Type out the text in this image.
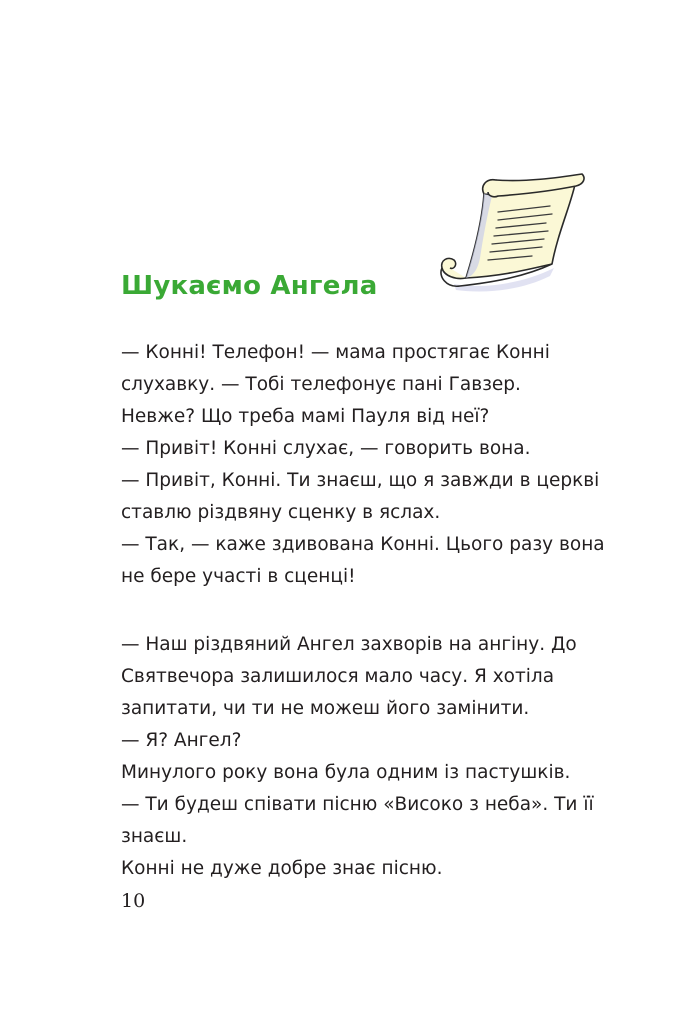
Шукаємо Ангела
— Конні! Телефон! — мама простягає Конні
слухавку. — Тобі телефонує пані Гавзер.
Невже? Що треба мамі Пауля від неї?
— Привіт! Конні слухає, — говорить вона.
— Привіт, Конні. Ти знаєш, що я завжди в церкві
ставлю різдвяну сценку в яслах.
— Так, — каже здивована Конні. Цього разу вона
не бере участі в сценці!
— Наш різдвяний Ангел захворів на ангіну. До
Святвечора залишилося мало часу. Я хотіла
запитати, чи ти не можеш його замінити.
— Я? Ангел?
Минулого року вона була одним із пастушків.
— Ти будеш співати пісню «Високо з неба». Ти її
знаєш.
Конні не дуже добре знає пісню.
10
